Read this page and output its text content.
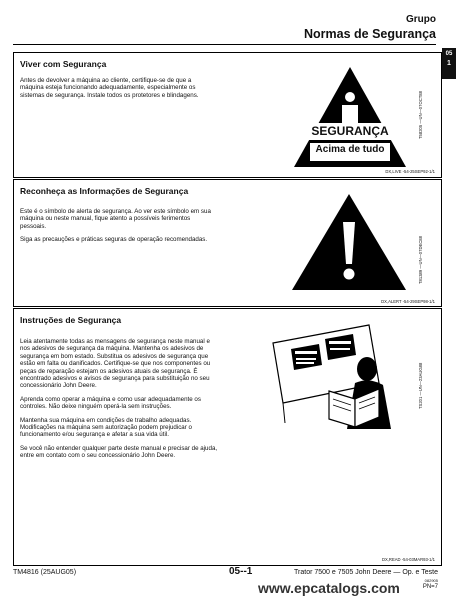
Grupo
Normas de Segurança
05
1
Viver com Segurança

Antes de devolver a máquina ao cliente, certifique-se de que a máquina esteja funcionando adequadamente, especialmente os sistemas de segurança. Instale todos os protetores e blindagens.

SEGURANÇA
Acima de tudo
T58205 —UN—07OCT88
DX,LIVE -54-25SEP92-1/1
Reconheça as Informações de Segurança

Este é o símbolo de alerta de segurança. Ao ver este símbolo em sua máquina ou neste manual, fique atento a possíveis ferimentos pessoais.

Siga as precauções e práticas seguras de operação recomendadas.	T81389 —UN—07DEC88
DX,ALERT -54-29SEP98-1/1
Instruções de Segurança

Leia atentamente todas as mensagens de segurança neste manual e nos adesivos de segurança da máquina. Mantenha os adesivos de segurança em bom estado. Substitua os adesivos de segurança que estão em falta ou danificados. Certifique-se que nos componentes ou peças de reparação estejam os adesivos atuais de segurança. É encontrado adesivos e avisos de segurança para substituição no seu concessionário John Deere.

Aprenda como operar a máquina e como usar adequadamente os controles. Não deixe ninguém operá-la sem instruções.

Mantenha sua máquina em condições de trabalho adequadas. Modificações na máquina sem autorização podem prejudicar o funcionamento e/ou segurança e afetar a sua vida útil.

Se você não entender qualquer parte deste manual e precisar de ajuda, entre em contato com o seu concessionário John Deere.

TS201 —UN—23AUG88
DX,READ -54-03MAR93-1/1
TM4816 (25AUG05)	05--1	Trator 7500 e 7505 John Deere — Op. e Teste
082905
PN=7
www.epcatalogs.com
